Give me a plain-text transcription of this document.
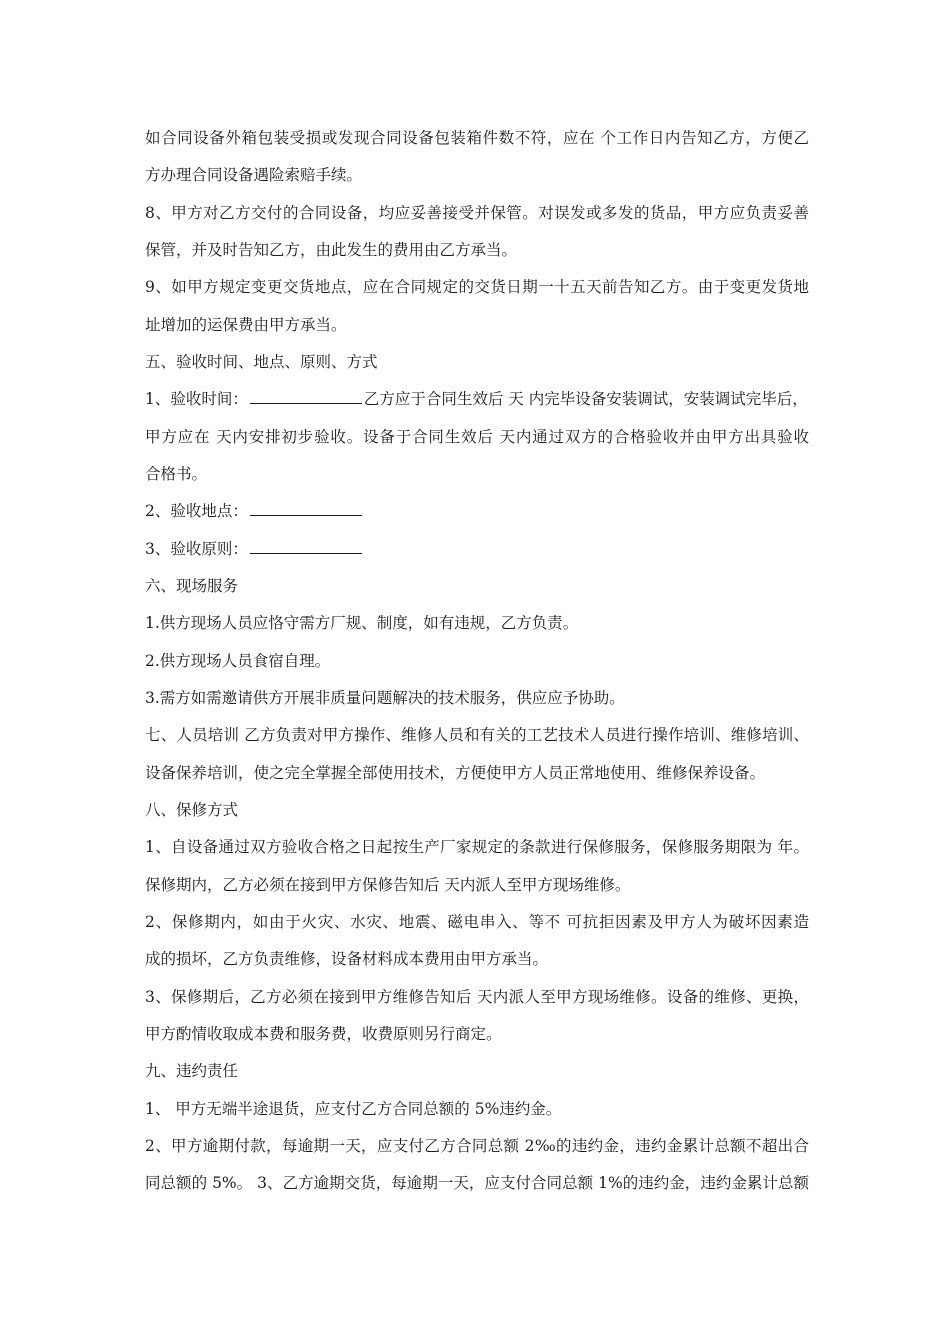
如合同设备外箱包装受损或发现合同设备包装箱件数不符，应在 个工作日内告知乙方，方便乙
方办理合同设备遇险索赔手续。
8、甲方对乙方交付的合同设备，均应妥善接受并保管。对误发或多发的货品，甲方应负责妥善
保管，并及时告知乙方，由此发生的费用由乙方承当。
9、如甲方规定变更交货地点，应在合同规定的交货日期一十五天前告知乙方。由于变更发货地
址增加的运保费由甲方承当。
五、验收时间、地点、原则、方式
1、验收时间：	乙方应于合同生效后 天 内完毕设备安装调试，安装调试完毕后，
甲方应在 天内安排初步验收。设备于合同生效后 天内通过双方的合格验收并由甲方出具验收
合格书。
2、验收地点：
3、验收原则：
六、现场服务
1.供方现场人员应恪守需方厂规、制度，如有违规，乙方负责。
2.供方现场人员食宿自理。
3.需方如需邀请供方开展非质量问题解决的技术服务，供应应予协助。
七、人员培训 乙方负责对甲方操作、维修人员和有关的工艺技术人员进行操作培训、维修培训、
设备保养培训，使之完全掌握全部使用技术，方便使甲方人员正常地使用、维修保养设备。
八、保修方式
1、自设备通过双方验收合格之日起按生产厂家规定的条款进行保修服务，保修服务期限为 年。
保修期内，乙方必须在接到甲方保修告知后 天内派人至甲方现场维修。
2、保修期内，如由于火灾、水灾、地震、磁电串入、等不 可抗拒因素及甲方人为破坏因素造
成的损坏，乙方负责维修，设备材料成本费用由甲方承当。
3、保修期后，乙方必须在接到甲方维修告知后 天内派人至甲方现场维修。设备的维修、更换，
甲方酌情收取成本费和服务费，收费原则另行商定。
九、违约责任
1、 甲方无端半途退货，应支付乙方合同总额的 5%违约金。
2、甲方逾期付款，每逾期一天，应支付乙方合同总额 2‰的违约金，违约金累计总额不超出合
同总额的 5%。 3、乙方逾期交货，每逾期一天，应支付合同总额 1%的违约金，违约金累计总额
